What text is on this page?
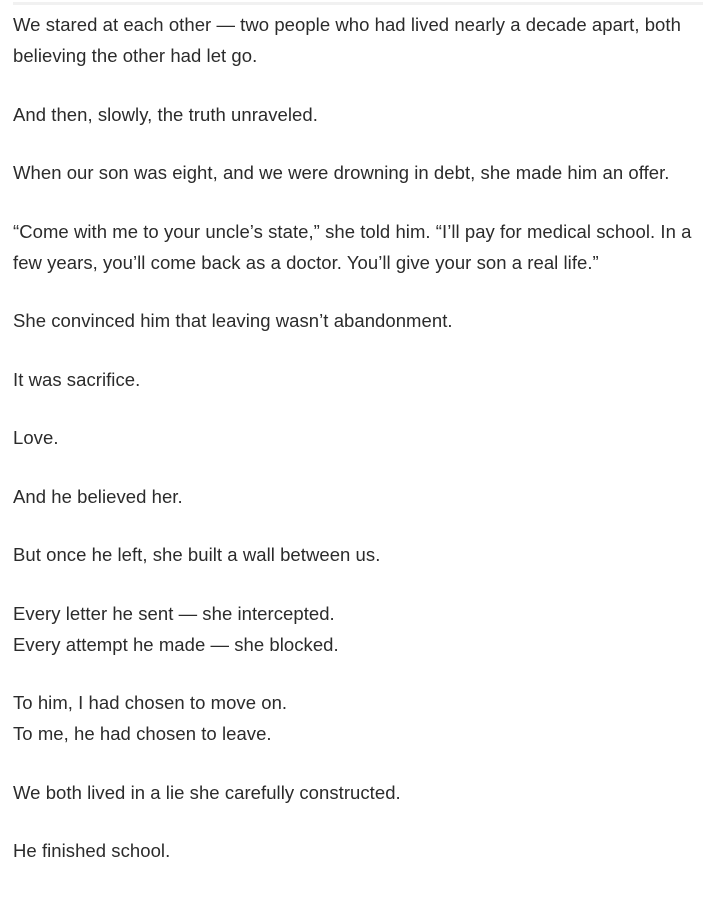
We stared at each other — two people who had lived nearly a decade apart, both believing the other had let go.

And then, slowly, the truth unraveled.

When our son was eight, and we were drowning in debt, she made him an offer.

“Come with me to your uncle’s state,” she told him. “I’ll pay for medical school. In a few years, you’ll come back as a doctor. You’ll give your son a real life.”

She convinced him that leaving wasn’t abandonment.

It was sacrifice.

Love.

And he believed her.

But once he left, she built a wall between us.

Every letter he sent — she intercepted.
Every attempt he made — she blocked.

To him, I had chosen to move on.
To me, he had chosen to leave.

We both lived in a lie she carefully constructed.

He finished school.
